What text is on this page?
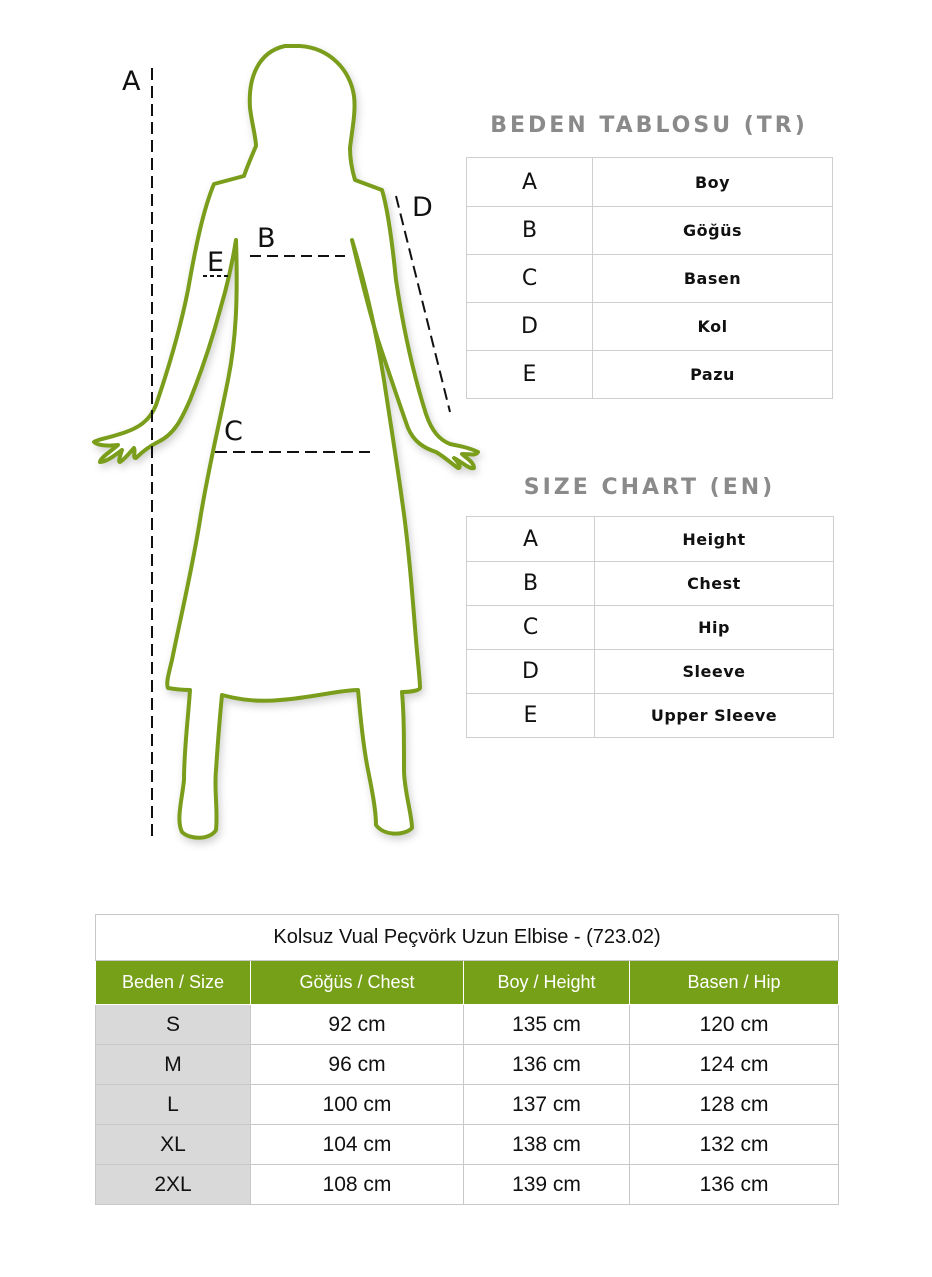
A
B
E
C
D
BEDEN TABLOSU (TR)
A	Boy
B	Göğüs
C	Basen
D	Kol
E	Pazu
SIZE CHART (EN)
A	Height
B	Chest
C	Hip
D	Sleeve
E	Upper Sleeve
Kolsuz Vual Peçvörk Uzun Elbise - (723.02)			
Beden / Size	Göğüs / Chest	Boy / Height	Basen / Hip
S	92 cm	135 cm	120 cm
M	96 cm	136 cm	124 cm
L	100 cm	137 cm	128 cm
XL	104 cm	138 cm	132 cm
2XL	108 cm	139 cm	136 cm
